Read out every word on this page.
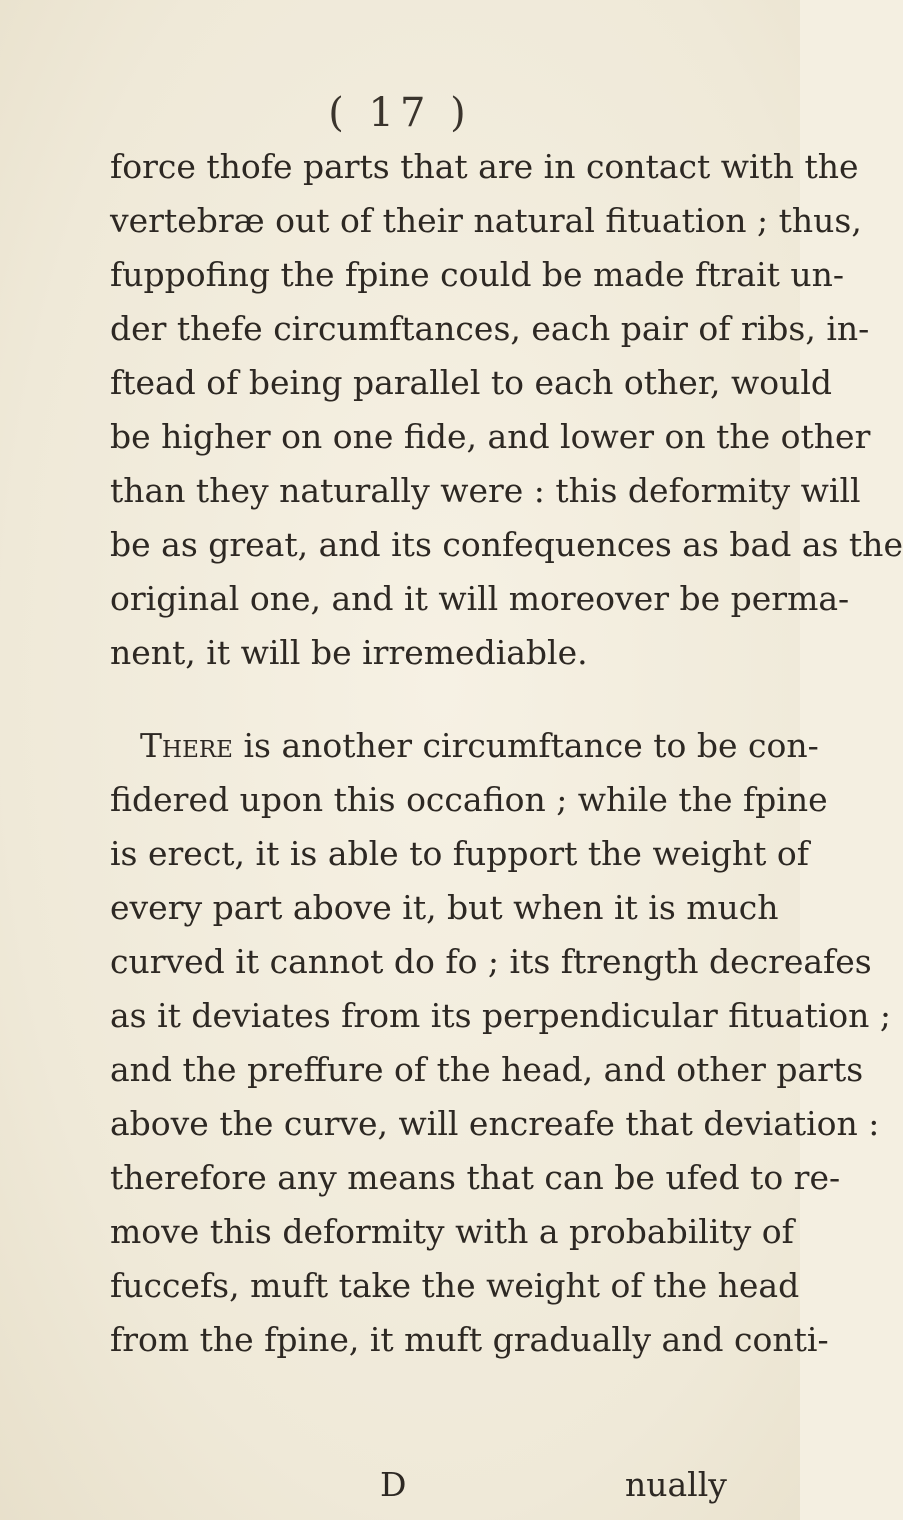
( 17 )
force thofe parts that are in contact with the
vertebræ out of their natural fituation ; thus,
fuppofing the fpine could be made ftrait un-
der thefe circumftances, each pair of ribs, in-
ftead of being parallel to each other, would
be higher on one fide, and lower on the other
than they naturally were : this deformity will
be as great, and its confequences as bad as the
original one, and it will moreover be perma-
nent, it will be irremediable.
There is another circumftance to be con-
fidered upon this occafion ; while the fpine
is erect, it is able to fupport the weight of
every part above it, but when it is much
curved it cannot do fo ; its ftrength decreafes
as it deviates from its perpendicular fituation ;
and the preffure of the head, and other parts
above the curve, will encreafe that deviation :
therefore any means that can be ufed to re-
move this deformity with a probability of
fuccefs, muft take the weight of the head
from the fpine, it muft gradually and conti-
D	nually
